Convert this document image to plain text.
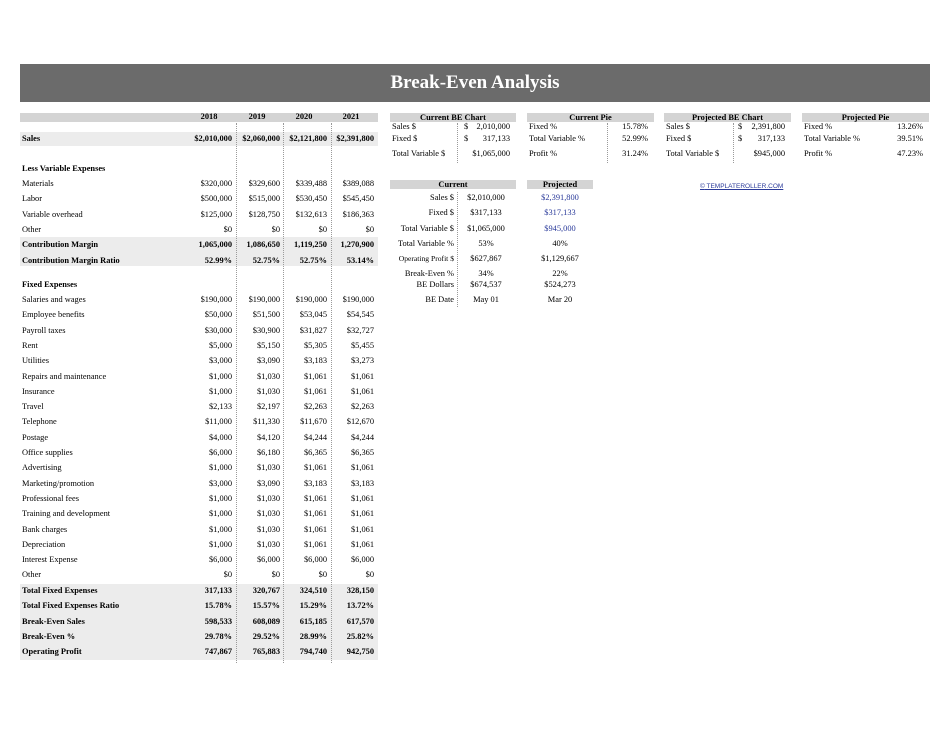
Break-Even Analysis
2018	2019	2020	2021
Sales	$2,010,000	$2,060,000	$2,121,800	$2,391,800
Less Variable Expenses
Materials	$320,000	$329,600	$339,488	$389,088
Labor	$500,000	$515,000	$530,450	$545,450
Variable overhead	$125,000	$128,750	$132,613	$186,363
Other	$0	$0	$0	$0
Contribution Margin	1,065,000	1,086,650	1,119,250	1,270,900
Contribution Margin Ratio	52.99%	52.75%	52.75%	53.14%
Fixed Expenses
Salaries and wages	$190,000	$190,000	$190,000	$190,000
Employee benefits	$50,000	$51,500	$53,045	$54,545
Payroll taxes	$30,000	$30,900	$31,827	$32,727
Rent	$5,000	$5,150	$5,305	$5,455
Utilities	$3,000	$3,090	$3,183	$3,273
Repairs and maintenance	$1,000	$1,030	$1,061	$1,061
Insurance	$1,000	$1,030	$1,061	$1,061
Travel	$2,133	$2,197	$2,263	$2,263
Telephone	$11,000	$11,330	$11,670	$12,670
Postage	$4,000	$4,120	$4,244	$4,244
Office supplies	$6,000	$6,180	$6,365	$6,365
Advertising	$1,000	$1,030	$1,061	$1,061
Marketing/promotion	$3,000	$3,090	$3,183	$3,183
Professional fees	$1,000	$1,030	$1,061	$1,061
Training and development	$1,000	$1,030	$1,061	$1,061
Bank charges	$1,000	$1,030	$1,061	$1,061
Depreciation	$1,000	$1,030	$1,061	$1,061
Interest Expense	$6,000	$6,000	$6,000	$6,000
Other	$0	$0	$0	$0
Total Fixed Expenses	317,133	320,767	324,510	328,150
Total Fixed Expenses Ratio	15.78%	15.57%	15.29%	13.72%
Break-Even Sales	598,533	608,089	615,185	617,570
Break-Even %	29.78%	29.52%	28.99%	25.82%
Operating Profit	747,867	765,883	794,740	942,750
Current BE Chart
Sales $	$ 2,010,000
Fixed $	$	317,133
Total Variable $	$1,065,000
Current Pie
Fixed %	15.78%
Total Variable %	52.99%
Profit %	31.24%
Projected BE Chart
Sales $	$	2,391,800
Fixed $	$	317,133
Total Variable $	$945,000
Projected Pie
Fixed %	13.26%
Total Variable %	39.51%
Profit %	47.23%
Current	Projected
Sales $	$2,010,000	$2,391,800
Fixed $	$317,133	$317,133
Total Variable $	$1,065,000	$945,000
Total Variable %	53%	40%
Operating Profit $	$627,867	$1,129,667
Break-Even %	34%	22%
BE Dollars	$674,537	$524,273
BE Date	May 01	Mar 20
© TEMPLATEROLLER.COM
